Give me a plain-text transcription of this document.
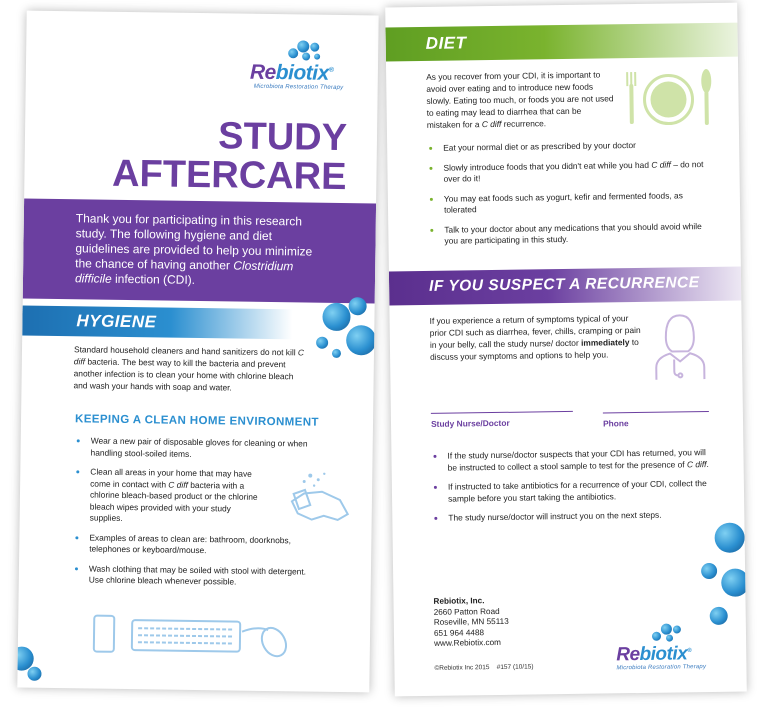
Rebiotix®
Microbiota Restoration Therapy
STUDY
AFTERCARE
Thank you for participating in this research study. The following hygiene and diet guidelines are provided to help you minimize the chance of having another Clostridium difficile infection (CDI).
HYGIENE
Standard household cleaners and hand sanitizers do not kill C diff bacteria. The best way to kill the bacteria and prevent another infection is to clean your home with chlorine bleach and wash your hands with soap and water.
KEEPING A CLEAN HOME ENVIRONMENT
Wear a new pair of disposable gloves for cleaning or when handling stool-soiled items.
Clean all areas in your home that may have come in contact with C diff bacteria with a chlorine bleach-based product or the chlorine bleach wipes provided with your study supplies.
Examples of areas to clean are: bathroom, doorknobs, telephones or keyboard/mouse.
Wash clothing that may be soiled with stool with detergent. Use chlorine bleach whenever possible.
DIET
As you recover from your CDI, it is important to avoid over eating and to introduce new foods slowly. Eating too much, or foods you are not used to eating may lead to diarrhea that can be mistaken for a C diff recurrence.
Eat your normal diet or as prescribed by your doctor
Slowly introduce foods that you didn't eat while you had C diff – do not over do it!
You may eat foods such as yogurt, kefir and fermented foods, as tolerated
Talk to your doctor about any medications that you should avoid while you are participating in this study.
IF YOU SUSPECT A RECURRENCE
If you experience a return of symptoms typical of your prior CDI such as diarrhea, fever, chills, cramping or pain in your belly, call the study nurse/ doctor immediately to discuss your symptoms and options to help you.
Study Nurse/Doctor	Phone
If the study nurse/doctor suspects that your CDI has returned, you will be instructed to collect a stool sample to test for the presence of C diff.
If instructed to take antibiotics for a recurrence of your CDI, collect the sample before you start taking the antibiotics.
The study nurse/doctor will instruct you on the next steps.
Rebiotix, Inc.
2660 Patton Road
Roseville, MN 55113
651 964 4488
www.Rebiotix.com
©Rebiotix Inc 2015 #157 (10/15)
Rebiotix®
Microbiota Restoration Therapy
